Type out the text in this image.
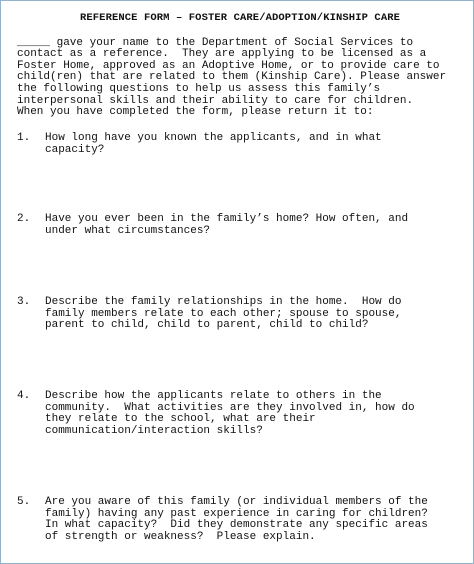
REFERENCE FORM – FOSTER CARE/ADOPTION/KINSHIP CARE

_____ gave your name to the Department of Social Services to

contact as a reference.  They are applying to be licensed as a

Foster Home, approved as an Adoptive Home, or to provide care to

child(ren) that are related to them (Kinship Care). Please answer

the following questions to help us assess this family’s

interpersonal skills and their ability to care for children.

When you have completed the form, please return it to:

1. How long have you known the applicants, and in what

capacity?

2. Have you ever been in the family’s home? How often, and

under what circumstances?

3. Describe the family relationships in the home.  How do

family members relate to each other; spouse to spouse,

parent to child, child to parent, child to child?

4. Describe how the applicants relate to others in the

community.  What activities are they involved in, how do

they relate to the school, what are their

communication/interaction skills?

5. Are you aware of this family (or individual members of the

family) having any past experience in caring for children?

In what capacity?  Did they demonstrate any specific areas

of strength or weakness?  Please explain.
